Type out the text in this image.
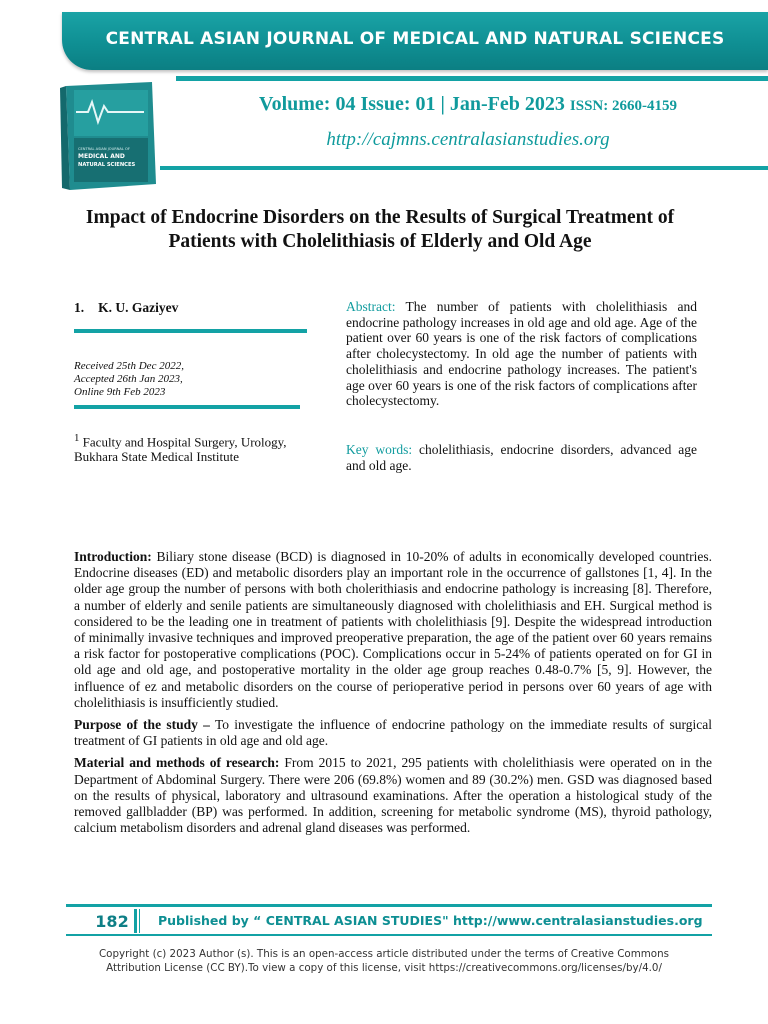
CENTRAL ASIAN JOURNAL OF MEDICAL AND NATURAL SCIENCES
CENTRAL ASIAN JOURNAL OF
MEDICAL AND
NATURAL SCIENCES
Volume: 04 Issue: 01 | Jan-Feb 2023 ISSN: 2660-4159
http://cajmns.centralasianstudies.org
Impact of Endocrine Disorders on the Results of Surgical Treatment of Patients with Cholelithiasis of Elderly and Old Age
1. K. U. Gaziyev
Received 25th Dec 2022,
Accepted 26th Jan 2023,
Online 9th Feb 2023
$^1$ Faculty and Hospital Surgery, Urology, Bukhara State Medical Institute
Abstract: The number of patients with cholelithiasis and endocrine pathology increases in old age and old age. Age of the patient over 60 years is one of the risk factors of complications after cholecystectomy. In old age the number of patients with cholelithiasis and endocrine pathology increases. The patient's age over 60 years is one of the risk factors of complications after cholecystectomy.
Key words: cholelithiasis, endocrine disorders, advanced age and old age.

Introduction: Biliary stone disease (BCD) is diagnosed in 10-20% of adults in economically developed countries. Endocrine diseases (ED) and metabolic disorders play an important role in the occurrence of gallstones [1, 4]. In the older age group the number of persons with both cholerithiasis and endocrine pathology is increasing [8]. Therefore, a number of elderly and senile patients are simultaneously diagnosed with cholelithiasis and EH. Surgical method is considered to be the leading one in treatment of patients with cholelithiasis [9]. Despite the widespread introduction of minimally invasive techniques and improved preoperative preparation, the age of the patient over 60 years remains a risk factor for postoperative complications (POC). Complications occur in 5-24% of patients operated on for GI in old age and old age, and postoperative mortality in the older age group reaches 0.48-0.7% [5, 9]. However, the influence of ez and metabolic disorders on the course of perioperative period in persons over 60 years of age with cholelithiasis is insufficiently studied.

Purpose of the study – To investigate the influence of endocrine pathology on the immediate results of surgical treatment of GI patients in old age and old age.

Material and methods of research: From 2015 to 2021, 295 patients with cholelithiasis were operated on in the Department of Abdominal Surgery. There were 206 (69.8%) women and 89 (30.2%) men. GSD was diagnosed based on the results of physical, laboratory and ultrasound examinations. After the operation a histological study of the removed gallbladder (BP) was performed. In addition, screening for metabolic syndrome (MS), thyroid pathology, calcium metabolism disorders and adrenal gland diseases was performed.

182 Published by “ CENTRAL ASIAN STUDIES" http://www.centralasianstudies.org
Copyright (c) 2023 Author (s). This is an open-access article distributed under the terms of Creative Commons
Attribution License (CC BY).To view a copy of this license, visit https://creativecommons.org/licenses/by/4.0/
